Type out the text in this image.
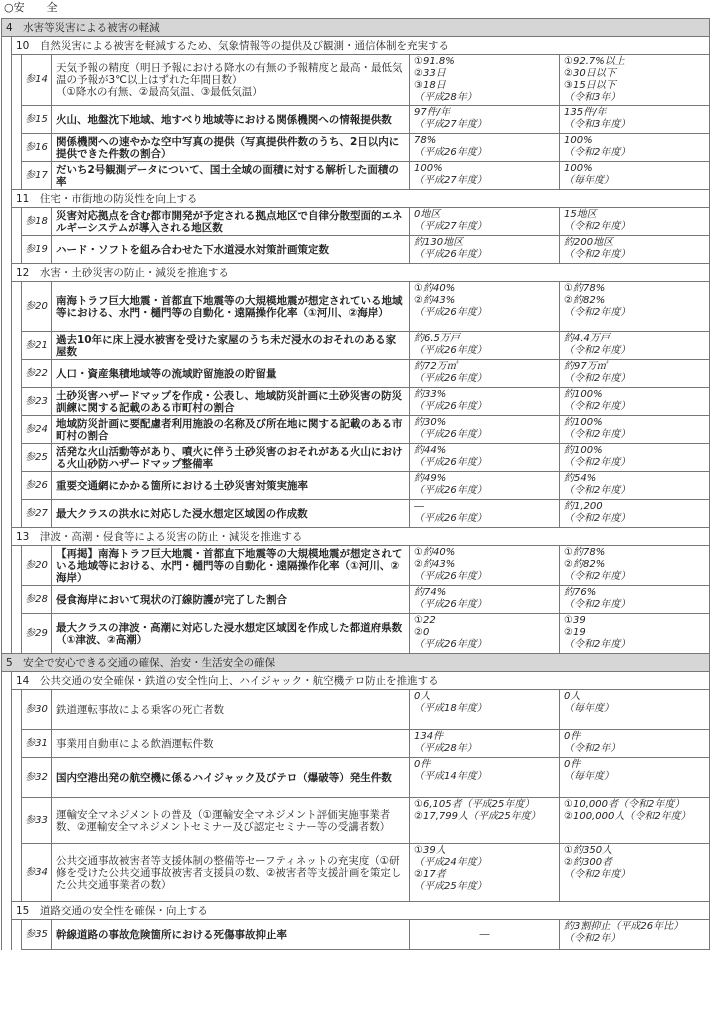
○安　　全
4　水害等災害による被害の軽減					
	10　自然災害による被害を軽減するため、気象情報等の提供及び観測・通信体制を充実する				
		参14	天気予報の精度（明日予報における降水の有無の予報精度と最高・最低気温の予報が3℃以上はずれた年間日数）
（①降水の有無、②最高気温、③最低気温）	①91.8%
②33日
③18日
（平成28年）	①92.7%以上
②30日以下
③15日以下
（令和3年）
		参15	火山、地盤沈下地域、地すべり地域等における関係機関への情報提供数	97件/年
（平成27年度）	135件/年
（令和3年度）
		参16	関係機関への速やかな空中写真の提供（写真提供件数のうち、2日以内に提供できた件数の割合）	78%
（平成26年度）	100%
（令和2年度）
		参17	だいち2号観測データについて、国土全域の面積に対する解析した面積の率	100%
（平成27年度）	100%
（毎年度）
	11　住宅・市街地の防災性を向上する				
		参18	災害対応拠点を含む都市開発が予定される拠点地区で自律分散型面的エネルギーシステムが導入される地区数	0地区
（平成27年度）	15地区
（令和2年度）
		参19	ハード・ソフトを組み合わせた下水道浸水対策計画策定数	約130地区
（平成26年度）	約200地区
（令和2年度）
	12　水害・土砂災害の防止・減災を推進する				
		参20	南海トラフ巨大地震・首都直下地震等の大規模地震が想定されている地域等における、水門・樋門等の自動化・遠隔操作化率（①河川、②海岸）	①約40%
②約43%
（平成26年度）	①約78%
②約82%
（令和2年度）
		参21	過去10年に床上浸水被害を受けた家屋のうち未だ浸水のおそれのある家屋数	約6.5万戸
（平成26年度）	約4.4万戸
（令和2年度）
		参22	人口・資産集積地域等の流域貯留施設の貯留量	約72万㎥
（平成26年度）	約97万㎥
（令和2年度）
		参23	土砂災害ハザードマップを作成・公表し、地域防災計画に土砂災害の防災訓練に関する記載のある市町村の割合	約33%
（平成26年度）	約100%
（令和2年度）
		参24	地域防災計画に要配慮者利用施設の名称及び所在地に関する記載のある市町村の割合	約30%
（平成26年度）	約100%
（令和2年度）
		参25	活発な火山活動等があり、噴火に伴う土砂災害のおそれがある火山における火山砂防ハザードマップ整備率	約44%
（平成26年度）	約100%
（令和2年度）
		参26	重要交通網にかかる箇所における土砂災害対策実施率	約49%
（平成26年度）	約54%
（令和2年度）
		参27	最大クラスの洪水に対応した浸水想定区域図の作成数	―
（平成26年度）	約1,200
（令和2年度）
	13　津波・高潮・侵食等による災害の防止・減災を推進する				
		参20	【再掲】南海トラフ巨大地震・首都直下地震等の大規模地震が想定されている地域等における、水門・樋門等の自動化・遠隔操作化率（①河川、②海岸）	①約40%
②約43%
（平成26年度）	①約78%
②約82%
（令和2年度）
		参28	侵食海岸において現状の汀線防護が完了した割合	約74%
（平成26年度）	約76%
（令和2年度）
		参29	最大クラスの津波・高潮に対応した浸水想定区域図を作成した都道府県数（①津波、②高潮）	①22
②0
（平成26年度）	①39
②19
（令和2年度）
5　安全で安心できる交通の確保、治安・生活安全の確保					
	14　公共交通の安全確保・鉄道の安全性向上、ハイジャック・航空機テロ防止を推進する				
		参30	鉄道運転事故による乗客の死亡者数	0人
（平成18年度）	0人
（毎年度）
		参31	事業用自動車による飲酒運転件数	134件
（平成28年）	0件
（令和2年）
		参32	国内空港出発の航空機に係るハイジャック及びテロ（爆破等）発生件数	0件
（平成14年度）	0件
（毎年度）
		参33	運輸安全マネジメントの普及（①運輸安全マネジメント評価実施事業者数、②運輸安全マネジメントセミナー及び認定セミナー等の受講者数）	①6,105者（平成25年度）
②17,799人（平成25年度）	①10,000者（令和2年度）
②100,000人（令和2年度）
		参34	公共交通事故被害者等支援体制の整備等セーフティネットの充実度（①研修を受けた公共交通事故被害者支援員の数、②被害者等支援計画を策定した公共交通事業者の数）	①39人
（平成24年度）
②17者
（平成25年度）	①約350人
②約300者
（令和2年度）
	15　道路交通の安全性を確保・向上する				
		参35	幹線道路の事故危険箇所における死傷事故抑止率	―	約3割抑止（平成26年比）
（令和2年）
